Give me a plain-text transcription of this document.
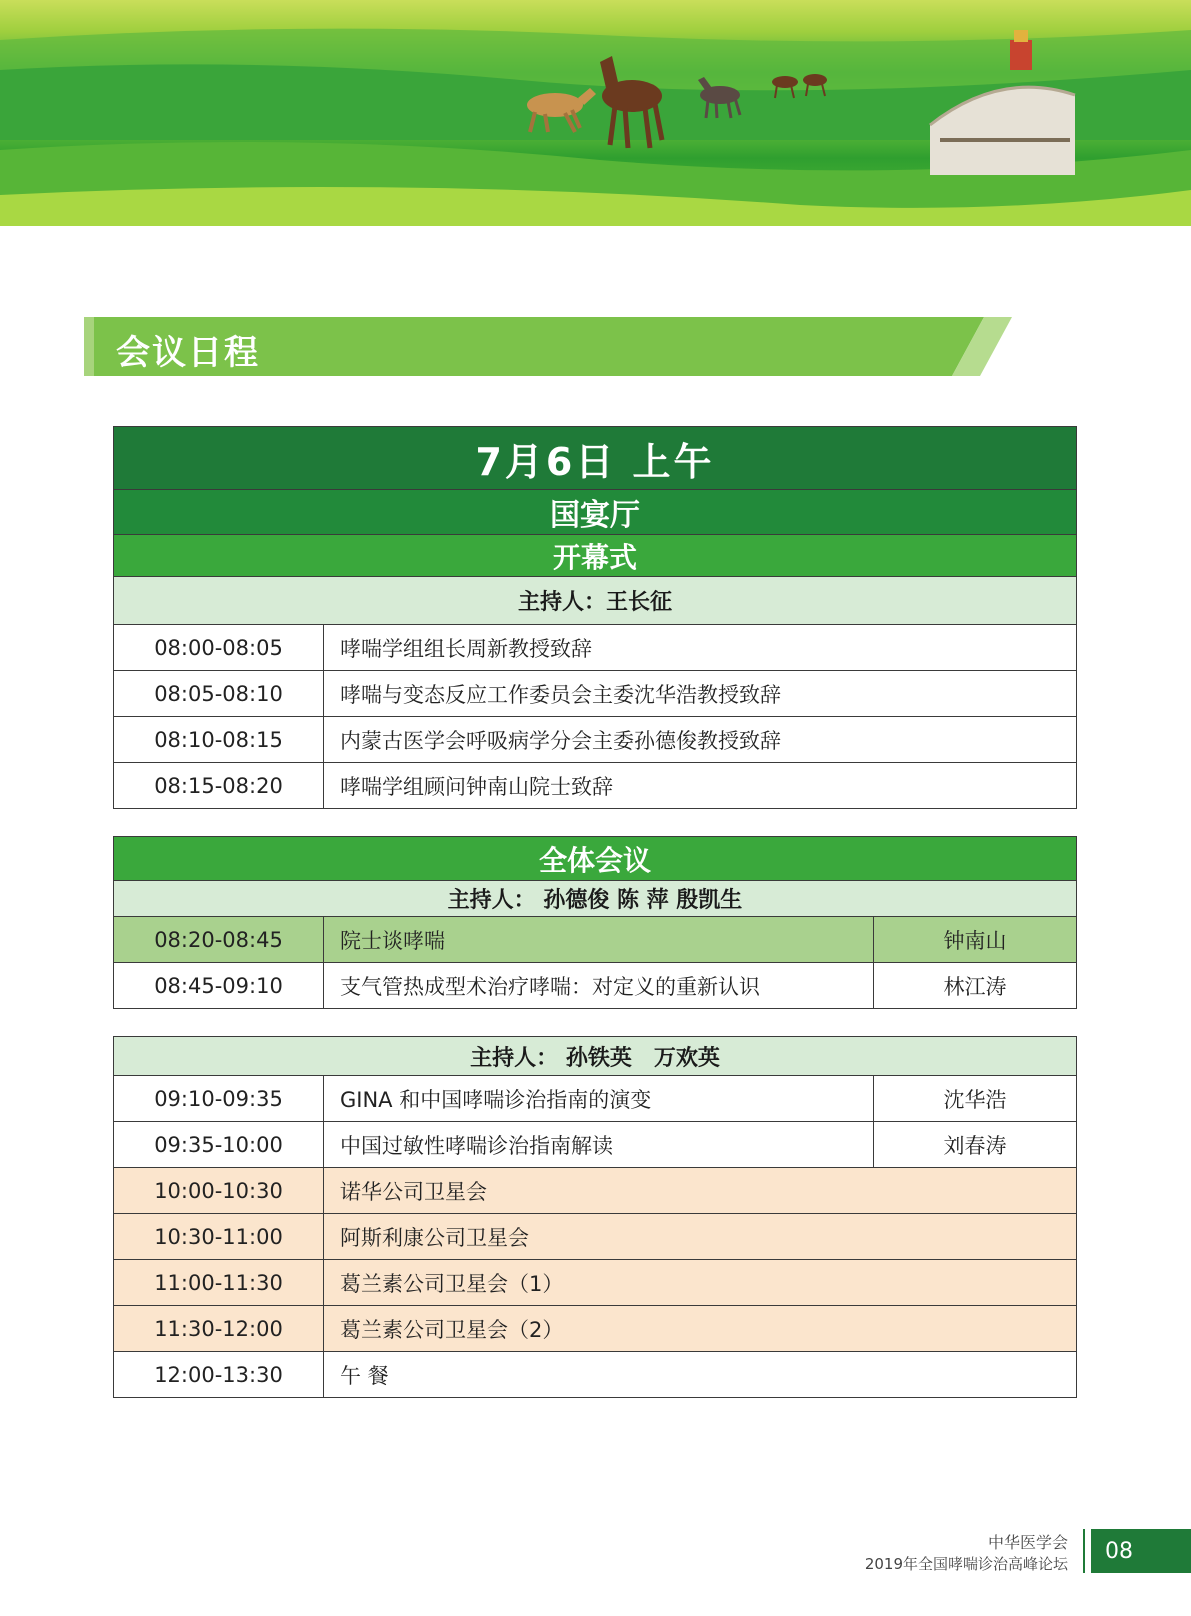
会议日程
7月6日 上午
国宴厅
开幕式
主持人：王长征
08:00-08:05	哮喘学组组长周新教授致辞
08:05-08:10	哮喘与变态反应工作委员会主委沈华浩教授致辞
08:10-08:15	内蒙古医学会呼吸病学分会主委孙德俊教授致辞
08:15-08:20	哮喘学组顾问钟南山院士致辞
全体会议
主持人： 孙德俊 陈 萍 殷凯生
08:20-08:45	院士谈哮喘	钟南山
08:45-09:10	支气管热成型术治疗哮喘：对定义的重新认识	林江涛
主持人： 孙铁英　万欢英
09:10-09:35	GINA 和中国哮喘诊治指南的演变	沈华浩
09:35-10:00	中国过敏性哮喘诊治指南解读	刘春涛
10:00-10:30	诺华公司卫星会
10:30-11:00	阿斯利康公司卫星会
11:00-11:30	葛兰素公司卫星会（1）
11:30-12:00	葛兰素公司卫星会（2）
12:00-13:30	午 餐
中华医学会
2019年全国哮喘诊治高峰论坛
08
